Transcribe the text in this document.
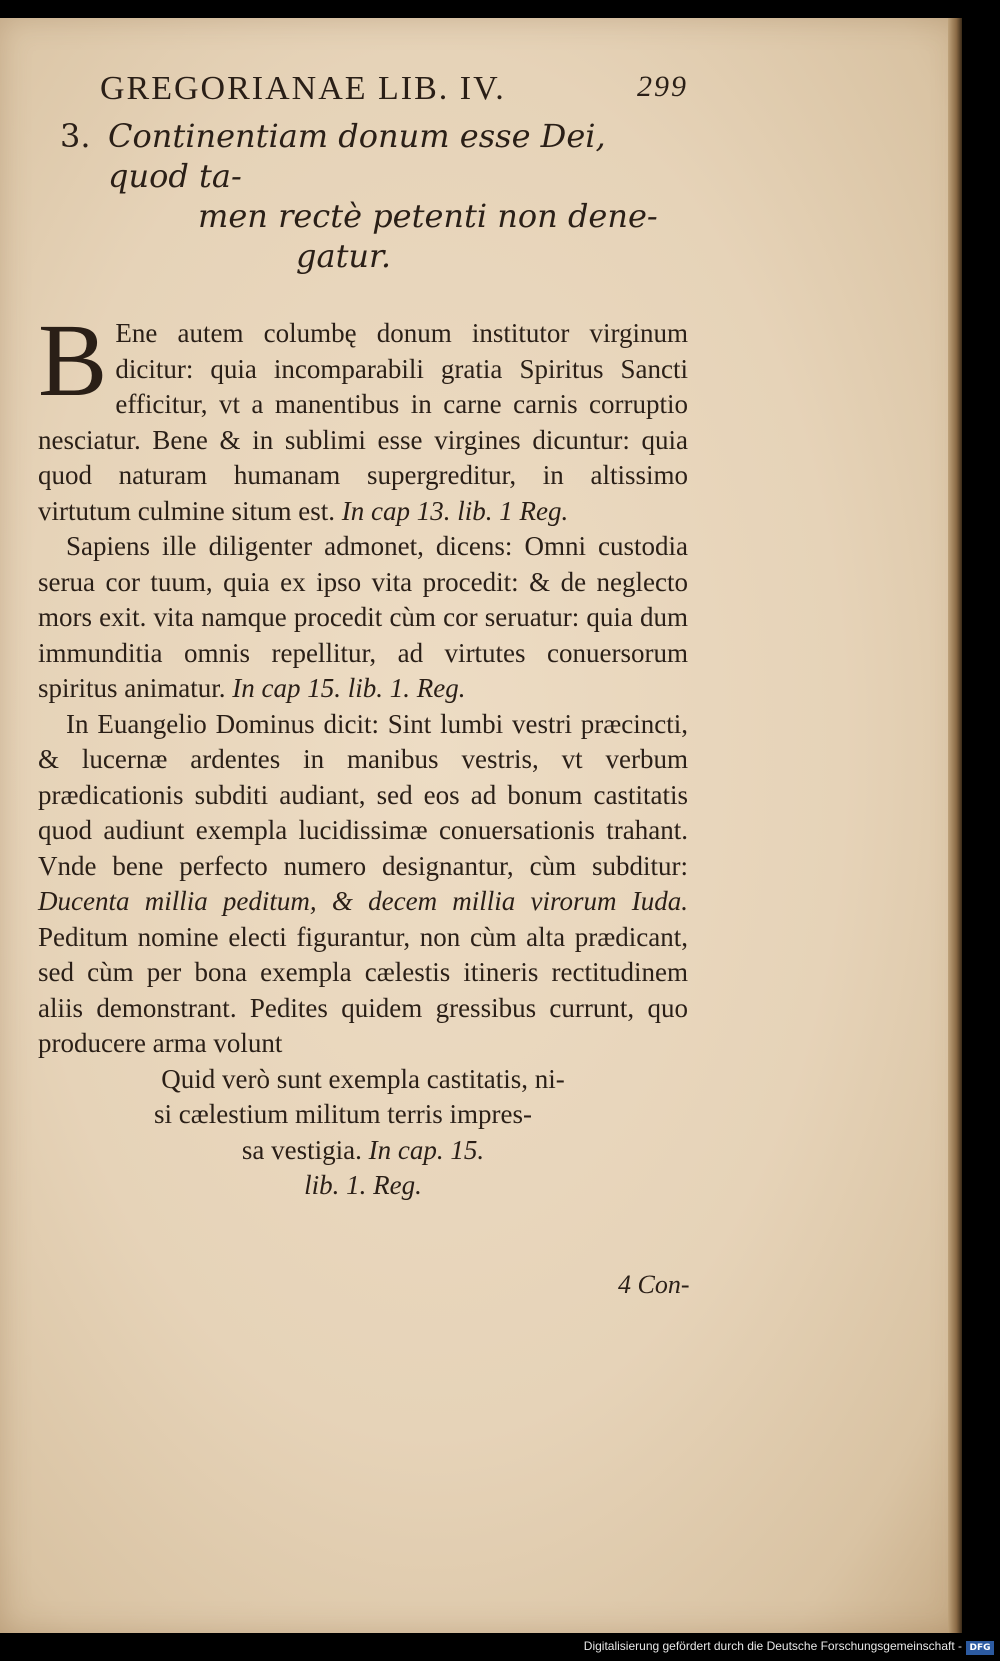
GREGORIANAE LIB. IV.	299
3. Continentiam donum esse Dei, quod ta-
men rectè petenti non dene-
gatur.

B Ene autem columbę donum institutor virginum dicitur: quia incomparabili gratia Spiritus Sancti efficitur, vt a manentibus in carne carnis corruptio nesciatur. Bene & in sublimi esse virgines dicuntur: quia quod naturam humanam supergreditur, in altissimo virtutum culmine situm est. In cap 13. lib. 1 Reg.

Sapiens ille diligenter admonet, dicens: Omni custodia serua cor tuum, quia ex ipso vita procedit: & de neglecto mors exit. vita namque procedit cùm cor seruatur: quia dum immunditia omnis repellitur, ad virtutes conuersorum spiritus animatur. In cap 15. lib. 1. Reg.

In Euangelio Dominus dicit: Sint lumbi vestri præcincti, & lucernæ ardentes in manibus vestris, vt verbum prædicationis subditi audiant, sed eos ad bonum castitatis quod audiunt exempla lucidissimæ conuersationis trahant. Vnde bene perfecto numero designantur, cùm subditur: Ducenta millia peditum, & decem millia virorum Iuda. Peditum nomine electi figurantur, non cùm alta prædicant, sed cùm per bona exempla cælestis itineris rectitudinem aliis demonstrant. Pedites quidem gressibus currunt, quo producere arma volunt

Quid verò sunt exempla castitatis, ni-
si cælestium militum terris impres-
sa vestigia. In cap. 15.
lib. 1. Reg.
4 Con-
Digitalisierung gefördert durch die Deutsche Forschungsgemeinschaft - DFG
